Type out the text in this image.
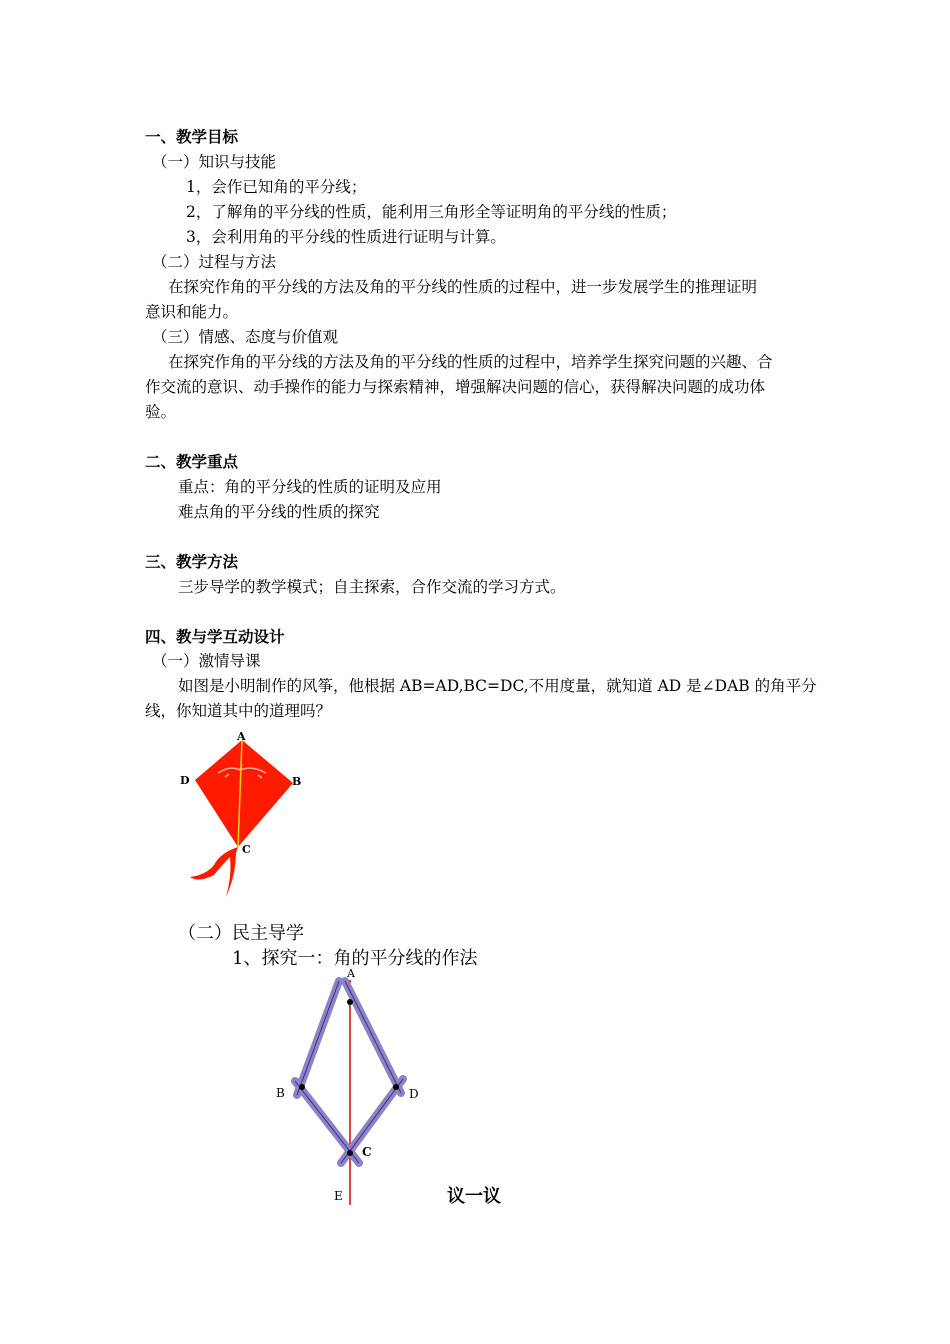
一、教学目标
（一）知识与技能
1，会作已知角的平分线；
2，了解角的平分线的性质，能利用三角形全等证明角的平分线的性质；
3，会利用角的平分线的性质进行证明与计算。
（二）过程与方法
在探究作角的平分线的方法及角的平分线的性质的过程中，进一步发展学生的推理证明
意识和能力。
（三）情感、态度与价值观
在探究作角的平分线的方法及角的平分线的性质的过程中，培养学生探究问题的兴趣、合
作交流的意识、动手操作的能力与探索精神，增强解决问题的信心，获得解决问题的成功体
验。
二、教学重点
重点：角的平分线的性质的证明及应用
难点角的平分线的性质的探究
三、教学方法
三步导学的教学模式；自主探索，合作交流的学习方式。
四、教与学互动设计
（一）激情导课
如图是小明制作的风筝，他根据 AB=AD,BC=DC,不用度量，就知道 AD 是∠DAB 的角平分
线，你知道其中的道理吗？
A
D	B
C
（二）民主导学
1、探究一：角的平分线的作法
A
B	D
C
E	议一议
